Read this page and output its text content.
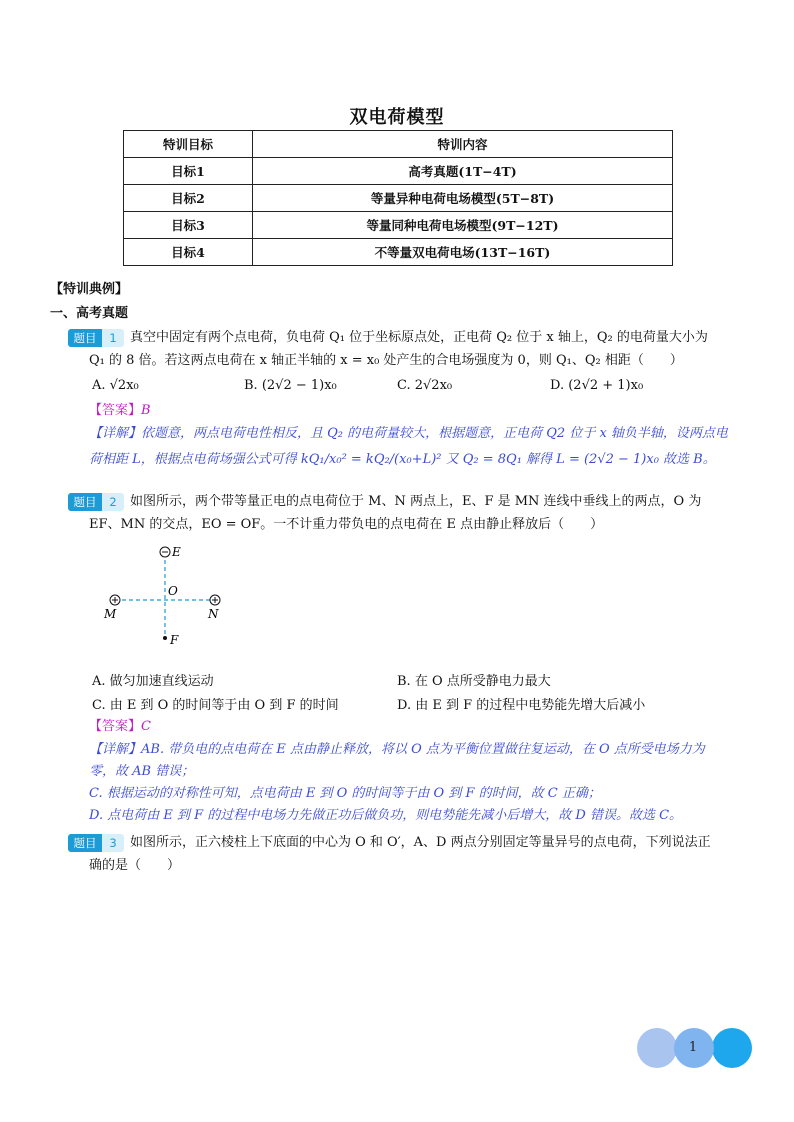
双电荷模型
特训目标	特训内容
目标1	高考真题(1T−4T)
目标2	等量异种电荷电场模型(5T−8T)
目标3	等量同种电荷电场模型(9T−12T)
目标4	不等量双电荷电场(13T−16T)
【特训典例】
一、高考真题
题目	1	真空中固定有两个点电荷，负电荷 Q₁ 位于坐标原点处，正电荷 Q₂ 位于 x 轴上，Q₂ 的电荷量大小为
Q₁ 的 8 倍。若这两点电荷在 x 轴正半轴的 x = x₀ 处产生的合电场强度为 0，则 Q₁、Q₂ 相距（　　）
A. √2x₀	B. (2√2 − 1)x₀	C. 2√2x₀	D. (2√2 + 1)x₀
【答案】B
【详解】依题意，两点电荷电性相反，且 Q₂ 的电荷量较大，根据题意，正电荷 Q2 位于 x 轴负半轴，设两点电
荷相距 L，根据点电荷场强公式可得 kQ₁/x₀² = kQ₂/(x₀+L)² 又 Q₂ = 8Q₁ 解得 L = (2√2 − 1)x₀ 故选 B。
题目	2	如图所示，两个带等量正电的点电荷位于 M、N 两点上，E、F 是 MN 连线中垂线上的两点，O 为
EF、MN 的交点，EO = OF。一不计重力带负电的点电荷在 E 点由静止释放后（　　）
E
O
M	N
F
A. 做匀加速直线运动	B. 在 O 点所受静电力最大
C. 由 E 到 O 的时间等于由 O 到 F 的时间	D. 由 E 到 F 的过程中电势能先增大后减小
【答案】C
【详解】AB. 带负电的点电荷在 E 点由静止释放，将以 O 点为平衡位置做往复运动，在 O 点所受电场力为
零，故 AB 错误；
C. 根据运动的对称性可知，点电荷由 E 到 O 的时间等于由 O 到 F 的时间，故 C 正确；
D. 点电荷由 E 到 F 的过程中电场力先做正功后做负功，则电势能先减小后增大，故 D 错误。故选 C。
题目	3	如图所示，正六棱柱上下底面的中心为 O 和 O′，A、D 两点分别固定等量异号的点电荷，下列说法正
确的是（　　）
1
